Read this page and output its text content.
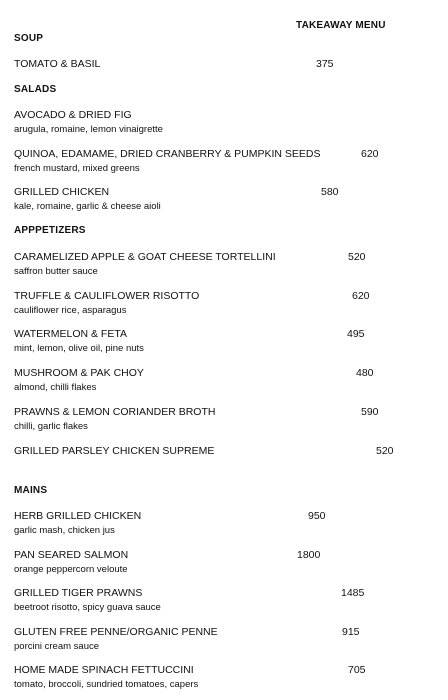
TAKEAWAY MENU
SOUP
TOMATO & BASIL	375
SALADS
AVOCADO & DRIED FIG
arugula, romaine, lemon vinaigrette
QUINOA, EDAMAME, DRIED CRANBERRY & PUMPKIN SEEDS
french mustard, mixed greens
620
GRILLED CHICKEN
kale, romaine, garlic & cheese aioli
580
APPPETIZERS
CARAMELIZED APPLE & GOAT CHEESE TORTELLINI
saffron butter sauce
520
TRUFFLE & CAULIFLOWER RISOTTO
cauliflower rice, asparagus
620
WATERMELON & FETA
mint, lemon, olive oil, pine nuts
495
MUSHROOM & PAK CHOY
almond, chilli flakes
480
PRAWNS & LEMON CORIANDER BROTH
chilli, garlic flakes
590
GRILLED PARSLEY CHICKEN SUPREME	520
MAINS
HERB GRILLED CHICKEN
garlic mash, chicken jus
950
PAN SEARED SALMON
orange peppercorn veloute
1800
GRILLED TIGER PRAWNS
beetroot risotto, spicy guava sauce
1485
GLUTEN FREE PENNE/ORGANIC PENNE
porcini cream sauce
915
HOME MADE SPINACH FETTUCCINI
tomato, broccoli, sundried tomatoes, capers
705
